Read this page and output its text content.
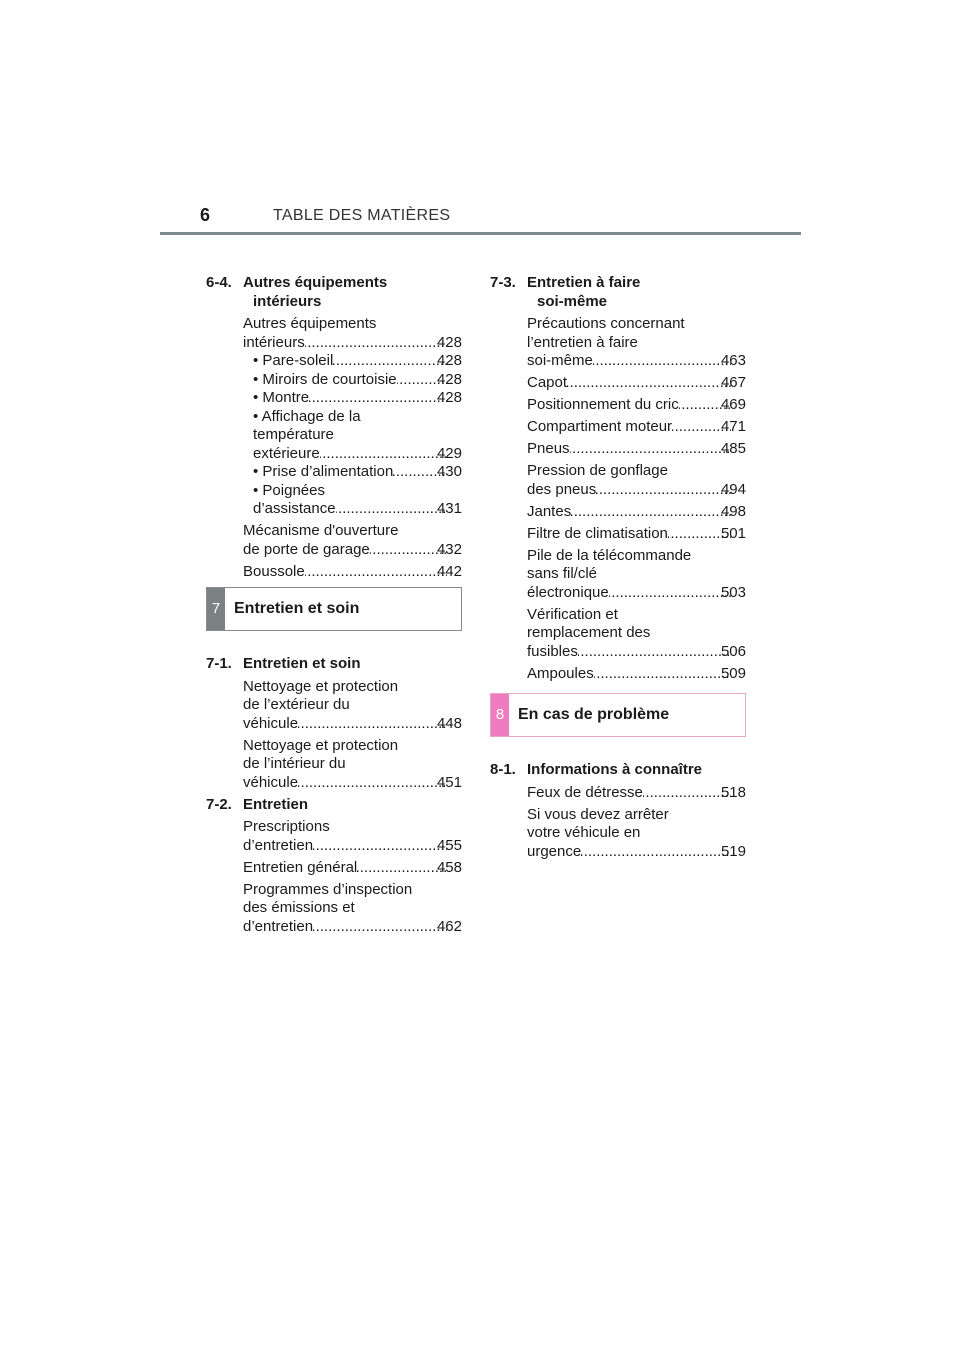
6	TABLE DES MATIÈRES
6-4. Autres équipements
intérieurs
Autres équipements
intérieurs .....	428
• Pare-soleil .....	428
• Miroirs de courtoisie .....	428
• Montre .....	428
• Affichage de la
température
extérieure .....	429
• Prise d’alimentation .....	430
• Poignées
d’assistance .....	431
Mécanisme d'ouverture
de porte de garage .....	432
Boussole .....	442
7 Entretien et soin
7-1. Entretien et soin
Nettoyage et protection
de l’extérieur du
véhicule .....	448
Nettoyage et protection
de l’intérieur du
véhicule .....	451
7-2. Entretien
Prescriptions
d’entretien .....	455
Entretien général .....	458
Programmes d’inspection
des émissions et
d’entretien .....	462
7-3. Entretien à faire
soi-même
Précautions concernant
l’entretien à faire
soi-même .....	463
Capot .....	467
Positionnement du cric .....	469
Compartiment moteur .....	471
Pneus .....	485
Pression de gonflage
des pneus .....	494
Jantes .....	498
Filtre de climatisation .....	501
Pile de la télécommande
sans fil/clé
électronique .....	503
Vérification et
remplacement des
fusibles .....	506
Ampoules .....	509
8 En cas de problème
8-1. Informations à connaître
Feux de détresse .....	518
Si vous devez arrêter
votre véhicule en
urgence .....	519
